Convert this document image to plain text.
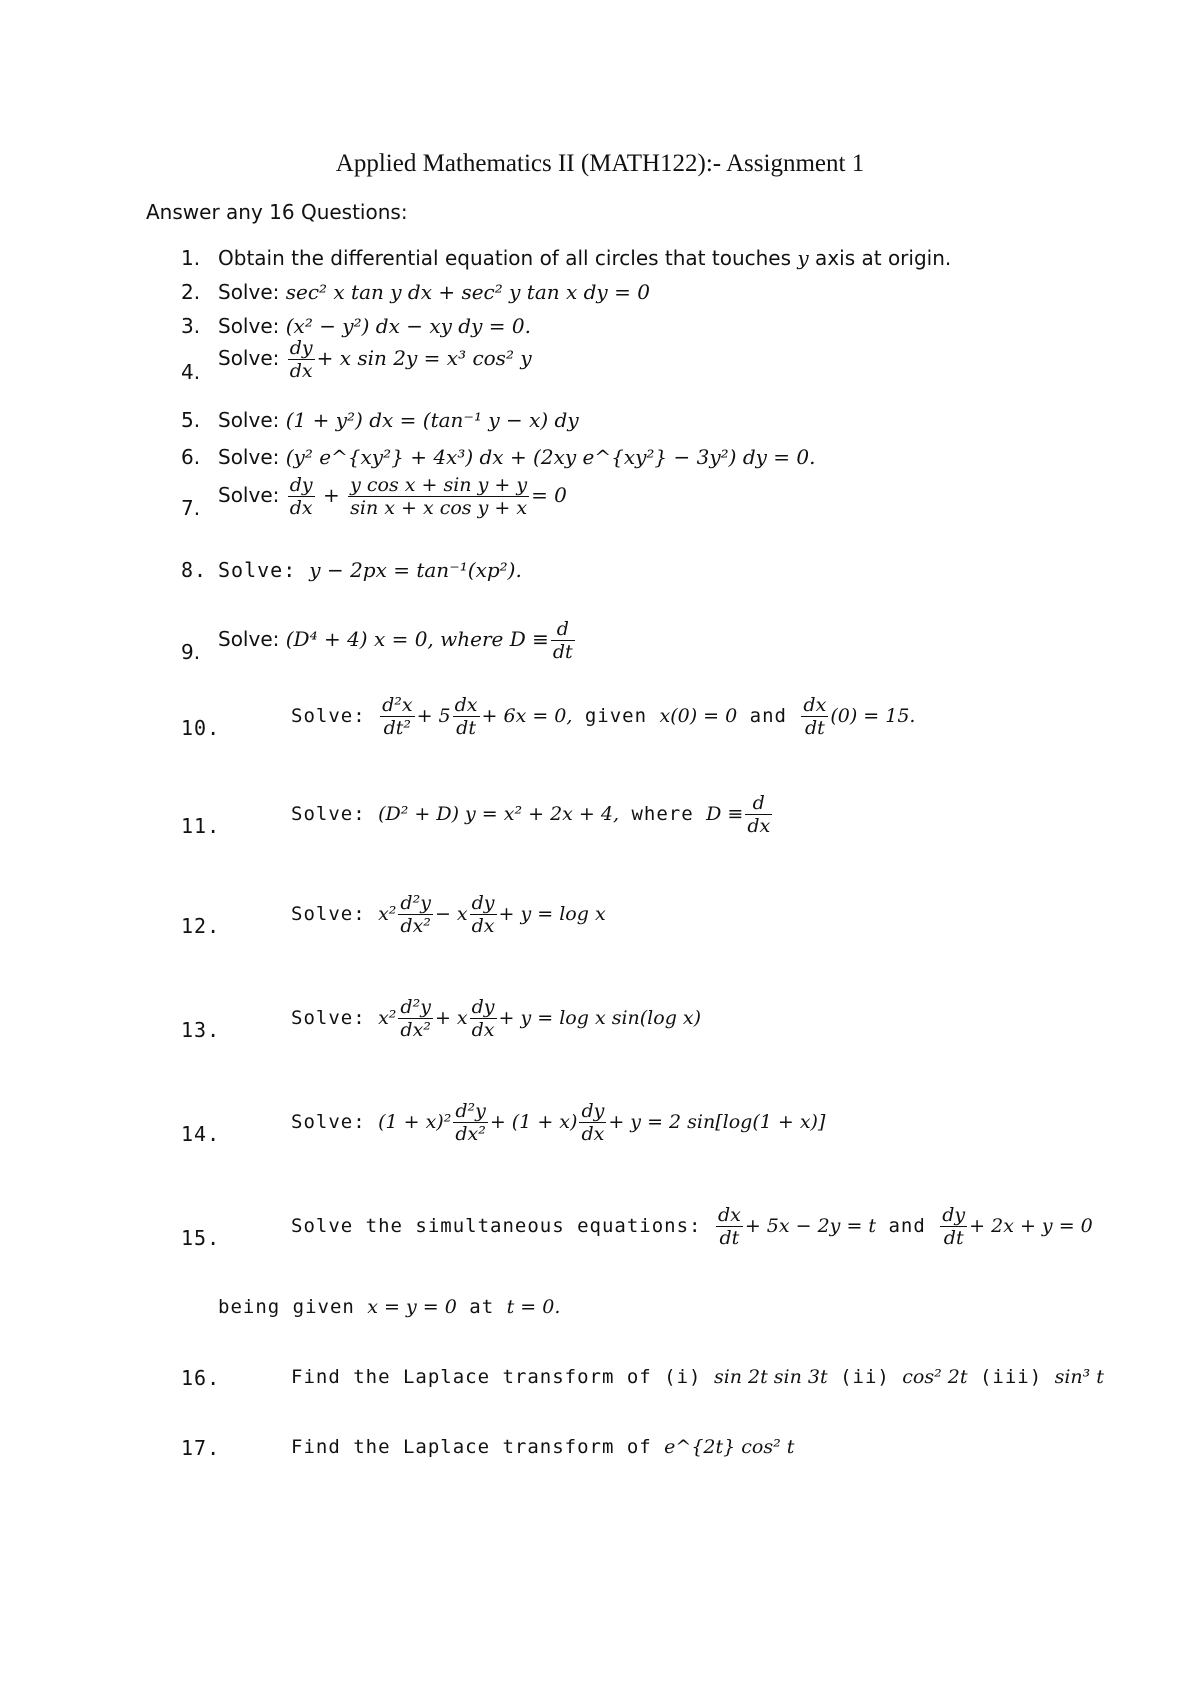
Applied Mathematics II (MATH122):- Assignment 1
Answer any 16 Questions:
1. Obtain the differential equation of all circles that touches y axis at origin.
2. Solve: sec² x tan y dx + sec² y tan x dy = 0
3. Solve: (x² − y²) dx − xy dy = 0.
4.
Solve: $\frac{dy}{dx} + x$ sin 2y = x³ cos² y
5. Solve: (1 + y²) dx = (tan⁻¹ y − x) dy
6. Solve: (y² e^{xy²} + 4x³) dx + (2xy e^{xy²} − 3y²) dy = 0.
7.
Solve: $\frac{dy}{dx} + \frac{\text{y cos x + sin y + y}}{\text{sin x + x cos y + x}} = 0$
8. Solve: y − 2px = tan⁻¹(xp²).
9.
Solve: (D⁴ + 4) x = 0, where $D \equiv \frac{d}{dt}$
10.	Solve: $\frac{\text{d²x}}{\text{dt²}} + 5 \frac{dx}{dt} + 6x = 0$, given x(0) = 0 and $\frac{dx}{dt} (0) = 15$.
11.	Solve: (D² + D) y = x² + 2x + 4, where $D \equiv \frac{d}{dx}$
12.	Solve: $x^2 \frac{\text{d²y}}{\text{dx²}} - x \frac{dy}{dx} + y = \log x$
13.	Solve: $x^2 \frac{\text{d²y}}{\text{dx²}} + x \frac{dy}{dx} + y = \log x$ sin(log x)
14.	Solve: $(1 + x)^2 \frac{\text{d²y}}{\text{dx²}} + (1 + x) \frac{dy}{dx} + y = 2$ sin[log(1 + x)]
15.	Solve the simultaneous equations: $\frac{dx}{dt} + 5x - 2y = t$ and $\frac{dy}{dt} + 2x + y = 0$
being given x = y = 0 at t = 0.
16.	Find the Laplace transform of (i) sin 2t sin 3t (ii) cos² 2t (iii) sin³ t
17.	Find the Laplace transform of e^{2t} cos² t
